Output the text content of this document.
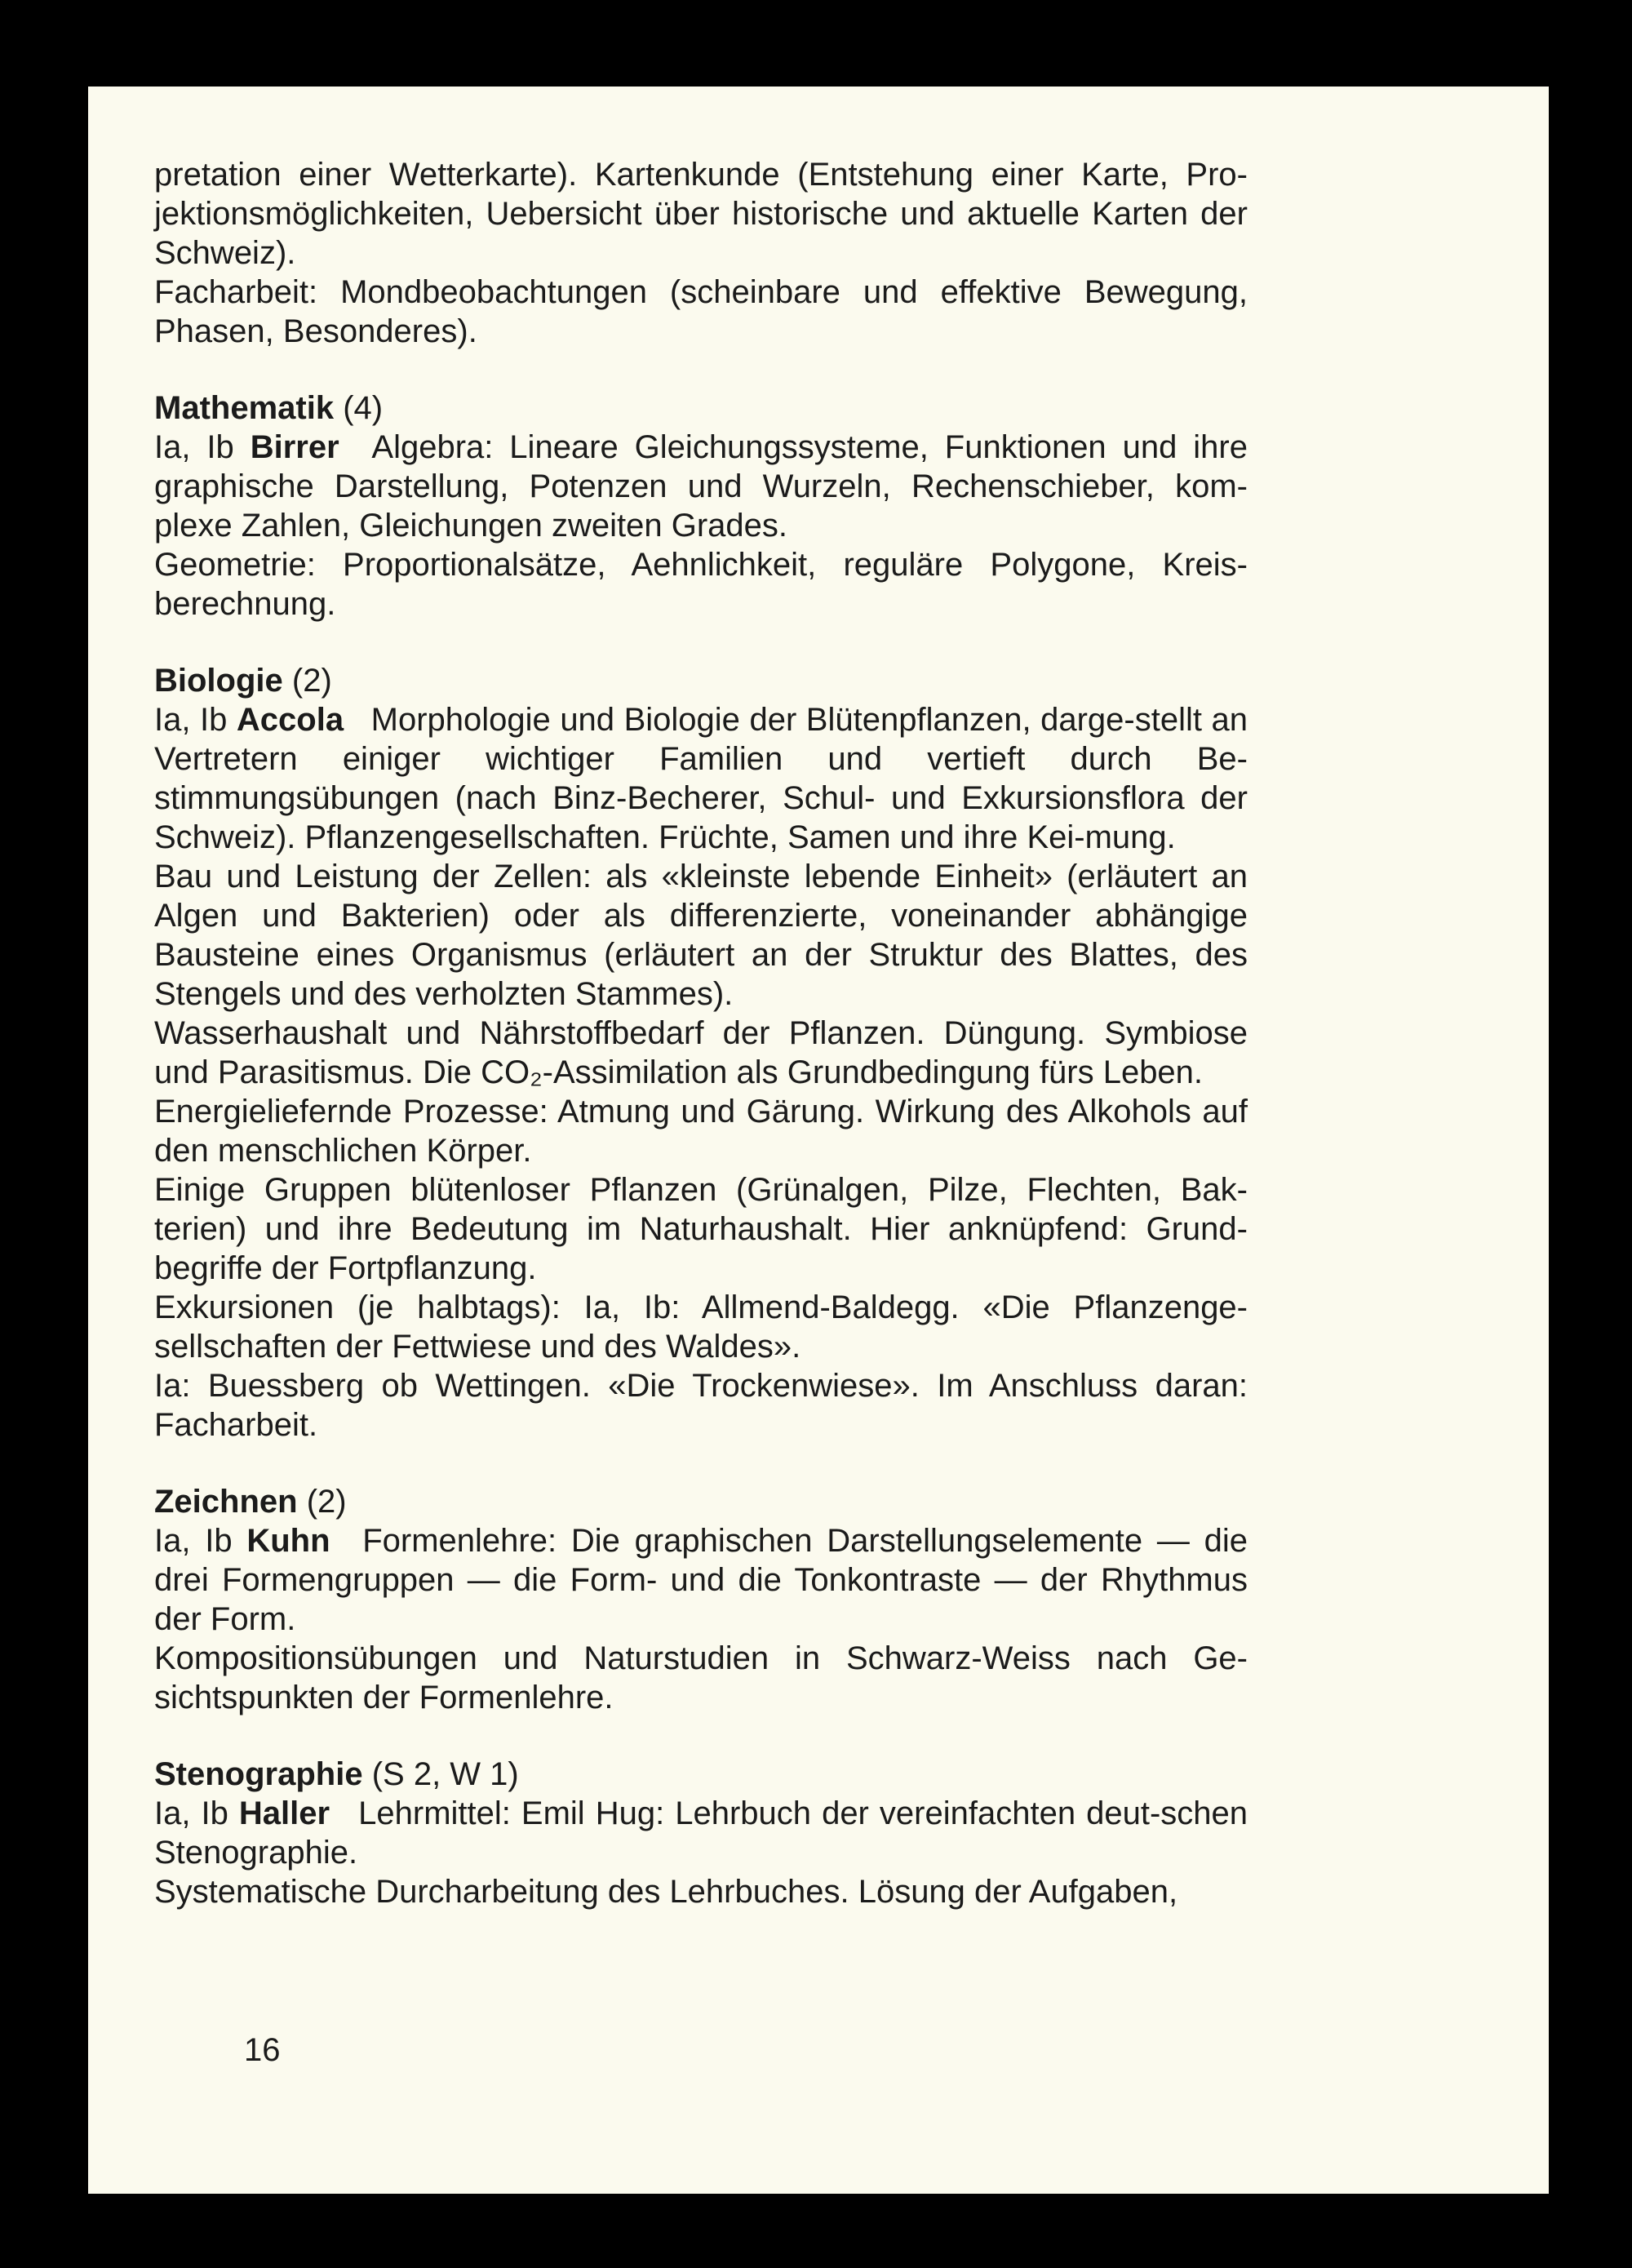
pretation einer Wetterkarte). Kartenkunde (Entstehung einer Karte, Pro-jektionsmöglichkeiten, Uebersicht über historische und aktuelle Karten der Schweiz).

Facharbeit: Mondbeobachtungen (scheinbare und effektive Bewegung, Phasen, Besonderes).

Mathematik (4)

Ia, Ib Birrer Algebra: Lineare Gleichungssysteme, Funktionen und ihre graphische Darstellung, Potenzen und Wurzeln, Rechenschieber, kom-plexe Zahlen, Gleichungen zweiten Grades.

Geometrie: Proportionalsätze, Aehnlichkeit, reguläre Polygone, Kreis-berechnung.

Biologie (2)

Ia, Ib Accola Morphologie und Biologie der Blütenpflanzen, darge-stellt an Vertretern einiger wichtiger Familien und vertieft durch Be-stimmungsübungen (nach Binz-Becherer, Schul- und Exkursionsflora der Schweiz). Pflanzengesellschaften. Früchte, Samen und ihre Kei-mung.

Bau und Leistung der Zellen: als «kleinste lebende Einheit» (erläutert an Algen und Bakterien) oder als differenzierte, voneinander abhängige Bausteine eines Organismus (erläutert an der Struktur des Blattes, des Stengels und des verholzten Stammes).

Wasserhaushalt und Nährstoffbedarf der Pflanzen. Düngung. Symbiose und Parasitismus. Die CO₂-Assimilation als Grundbedingung fürs Leben.

Energieliefernde Prozesse: Atmung und Gärung. Wirkung des Alkohols auf den menschlichen Körper.

Einige Gruppen blütenloser Pflanzen (Grünalgen, Pilze, Flechten, Bak-terien) und ihre Bedeutung im Naturhaushalt. Hier anknüpfend: Grund-begriffe der Fortpflanzung.

Exkursionen (je halbtags): Ia, Ib: Allmend-Baldegg. «Die Pflanzenge-sellschaften der Fettwiese und des Waldes».

Ia: Buessberg ob Wettingen. «Die Trockenwiese». Im Anschluss daran: Facharbeit.

Zeichnen (2)

Ia, Ib Kuhn Formenlehre: Die graphischen Darstellungselemente — die drei Formengruppen — die Form- und die Tonkontraste — der Rhythmus der Form.

Kompositionsübungen und Naturstudien in Schwarz-Weiss nach Ge-sichtspunkten der Formenlehre.

Stenographie (S 2, W 1)

Ia, Ib Haller Lehrmittel: Emil Hug: Lehrbuch der vereinfachten deut-schen Stenographie.

Systematische Durcharbeitung des Lehrbuches. Lösung der Aufgaben,

16
